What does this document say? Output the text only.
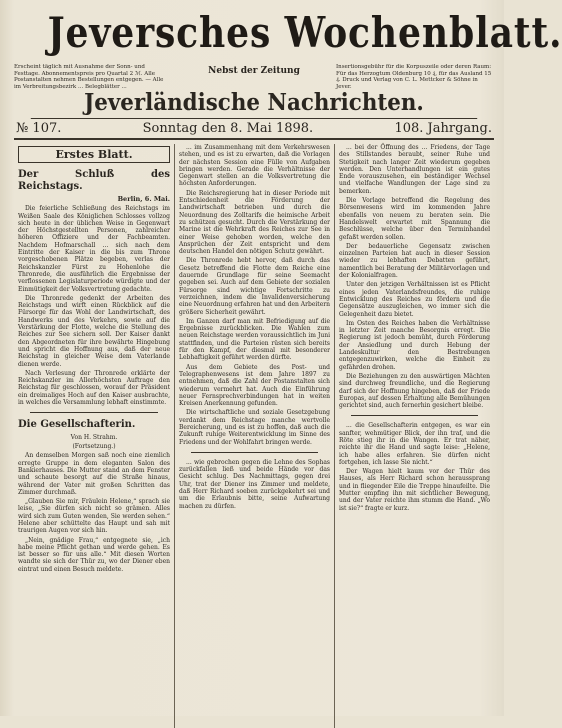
Jeversches Wochenblatt.
Erscheint täglich mit Ausnahme der Sonn- und Festtage. Abonnementspreis pro Quartal 2 ℳ. Alle Postanstalten nehmen Bestellungen entgegen. — Alle im Verbreitungsbezirk ... Belegblätter ...
Nebst der Zeitung	Insertionsgebühr für die Korpuszeile oder deren Raum: Für das Herzogtum Oldenburg 10 ₰, für das Ausland 15 ₰. Druck und Verlag von C. L. Mettcker & Söhne in Jever.
Jeverländische Nachrichten.
№ 107.	Sonntag den 8. Mai 1898.	108. Jahrgang.
Erstes Blatt.
Der Schluß des Reichstags.
Berlin, 6. Mai.

Die feierliche Schließung des Reichstags im Weißen Saale des Königlichen Schlosses vollzog sich heute in der üblichen Weise in Gegenwart der Höchstgestellten Personen, zahlreicher höheren Offiziere und der Fachbeamten. Nachdem Hofmarschall ... sich nach dem Eintritte der Kaiser in die bis zum Throne vorgeschobenen Plätze begeben, verlas der Reichskanzler Fürst zu Hohenlohe die Thronrede, die ausführlich die Ergebnisse der verflossenen Legislaturperiode würdigte und der Einmütigkeit der Volksvertretung gedachte.

Die Thronrede gedenkt der Arbeiten des Reichstags und wirft einen Rückblick auf die Fürsorge für das Wohl der Landwirtschaft, des Handwerks und des Verkehrs, sowie auf die Verstärkung der Flotte, welche die Stellung des Reiches zur See sichern soll. Der Kaiser dankt den Abgeordneten für ihre bewährte Hingebung und spricht die Hoffnung aus, daß der neue Reichstag in gleicher Weise dem Vaterlande dienen werde.

Nach Verlesung der Thronrede erklärte der Reichskanzler im Allerhöchsten Auftrage den Reichstag für geschlossen, worauf der Präsident ein dreimaliges Hoch auf den Kaiser ausbrachte, in welches die Versammlung lebhaft einstimmte.

Die Gesellschafterin.
Von H. Strahm.
(Fortsetzung.)

An demselben Morgen saß noch eine ziemlich erregte Gruppe in dem eleganten Salon des Bankierhauses. Die Mutter stand an dem Fenster und schaute besorgt auf die Straße hinaus, während der Vater mit großen Schritten das Zimmer durchmaß.

„Glauben Sie mir, Fräulein Helene,“ sprach sie leise, „Sie dürfen sich nicht so grämen. Alles wird sich zum Guten wenden, Sie werden sehen.“ Helene aber schüttelte das Haupt und sah mit traurigen Augen vor sich hin.

„Nein, gnädige Frau,“ entgegnete sie, „ich habe meine Pflicht gethan und werde gehen. Es ist besser so für uns alle.“ Mit diesen Worten wandte sie sich der Thür zu, wo der Diener eben eintrat und einen Besuch meldete.

... im Zusammenhang mit dem Verkehrswesen stehen, und es ist zu erwarten, daß die Vorlagen der nächsten Session eine Fülle von Aufgaben bringen werden. Gerade die Verhältnisse der Gegenwart stellen an die Volksvertretung die höchsten Anforderungen.

Die Reichsregierung hat in dieser Periode mit Entschiedenheit die Förderung der Landwirtschaft betrieben und durch die Neuordnung des Zolltarifs die heimische Arbeit zu schützen gesucht. Durch die Verstärkung der Marine ist die Wehrkraft des Reiches zur See in einer Weise gehoben worden, welche den Ansprüchen der Zeit entspricht und dem deutschen Handel den nötigen Schutz gewährt.

Die Thronrede hebt hervor, daß durch das Gesetz betreffend die Flotte dem Reiche eine dauernde Grundlage für seine Seemacht gegeben sei. Auch auf dem Gebiete der sozialen Fürsorge sind wichtige Fortschritte zu verzeichnen, indem die Invalidenversicherung eine Neuordnung erfahren hat und den Arbeitern größere Sicherheit gewährt.

Im Ganzen darf man mit Befriedigung auf die Ergebnisse zurückblicken. Die Wahlen zum neuen Reichstage werden voraussichtlich im Juni stattfinden, und die Parteien rüsten sich bereits für den Kampf, der diesmal mit besonderer Lebhaftigkeit geführt werden dürfte.

Aus dem Gebiete des Post- und Telegraphenwesens ist dem Jahre 1897 zu entnehmen, daß die Zahl der Postanstalten sich wiederum vermehrt hat. Auch die Einführung neuer Fernsprechverbindungen hat in weiten Kreisen Anerkennung gefunden.

Die wirtschaftliche und soziale Gesetzgebung verdankt dem Reichstage manche wertvolle Bereicherung, und es ist zu hoffen, daß auch die Zukunft ruhige Weiterentwicklung im Sinne des Friedens und der Wohlfahrt bringen werde.

... wie gebrochen gegen die Lehne des Sophas zurückfallen ließ und beide Hände vor das Gesicht schlug. Des Nachmittags, gegen drei Uhr, trat der Diener ins Zimmer und meldete, daß Herr Richard soeben zurückgekehrt sei und um die Erlaubnis bitte, seine Aufwartung machen zu dürfen.

... bei der Öffnung des ... Friedens, der Tage des Stillstandes beraubt, seiner Ruhe und Stetigkeit nach langer Zeit wiederum gegeben werden. Den Unterhandlungen ist ein gutes Ende vorauszusehen, ein beständiger Wechsel und vielfache Wandlungen der Lage sind zu bemerken.

Die Vorlage betreffend die Regelung des Börsenwesens wird im kommenden Jahre ebenfalls von neuem zu beraten sein. Die Handelswelt erwartet mit Spannung die Beschlüsse, welche über den Terminhandel gefaßt werden sollen.

Der bedauerliche Gegensatz zwischen einzelnen Parteien hat auch in dieser Session wieder zu lebhaften Debatten geführt, namentlich bei Beratung der Militärvorlagen und der Kolonialfragen.

Unter den jetzigen Verhältnissen ist es Pflicht eines jeden Vaterlandsfreundes, die ruhige Entwicklung des Reiches zu fördern und die Gegensätze auszugleichen, wo immer sich die Gelegenheit dazu bietet.

Im Osten des Reiches haben die Verhältnisse in letzter Zeit manche Besorgnis erregt. Die Regierung ist jedoch bemüht, durch Förderung der Ansiedlung und durch Hebung der Landeskultur den Bestrebungen entgegenzuwirken, welche die Einheit zu gefährden drohen.

Die Beziehungen zu den auswärtigen Mächten sind durchweg freundliche, und die Regierung darf sich der Hoffnung hingeben, daß der Friede Europas, auf dessen Erhaltung alle Bemühungen gerichtet sind, auch fernerhin gesichert bleibe.

... die Gesellschafterin entgegen, es war ein sanfter, wehmütiger Blick, der ihn traf, und die Röte stieg ihr in die Wangen. Er trat näher, reichte ihr die Hand und sagte leise: „Helene, ich habe alles erfahren. Sie dürfen nicht fortgehen, ich lasse Sie nicht.“

Der Wagen hielt kaum vor der Thür des Hauses, als Herr Richard schon heraussprang und in fliegender Eile die Treppe hinaufeilte. Die Mutter empfing ihn mit sichtlicher Bewegung, und der Vater reichte ihm stumm die Hand. „Wo ist sie?“ fragte er kurz.
